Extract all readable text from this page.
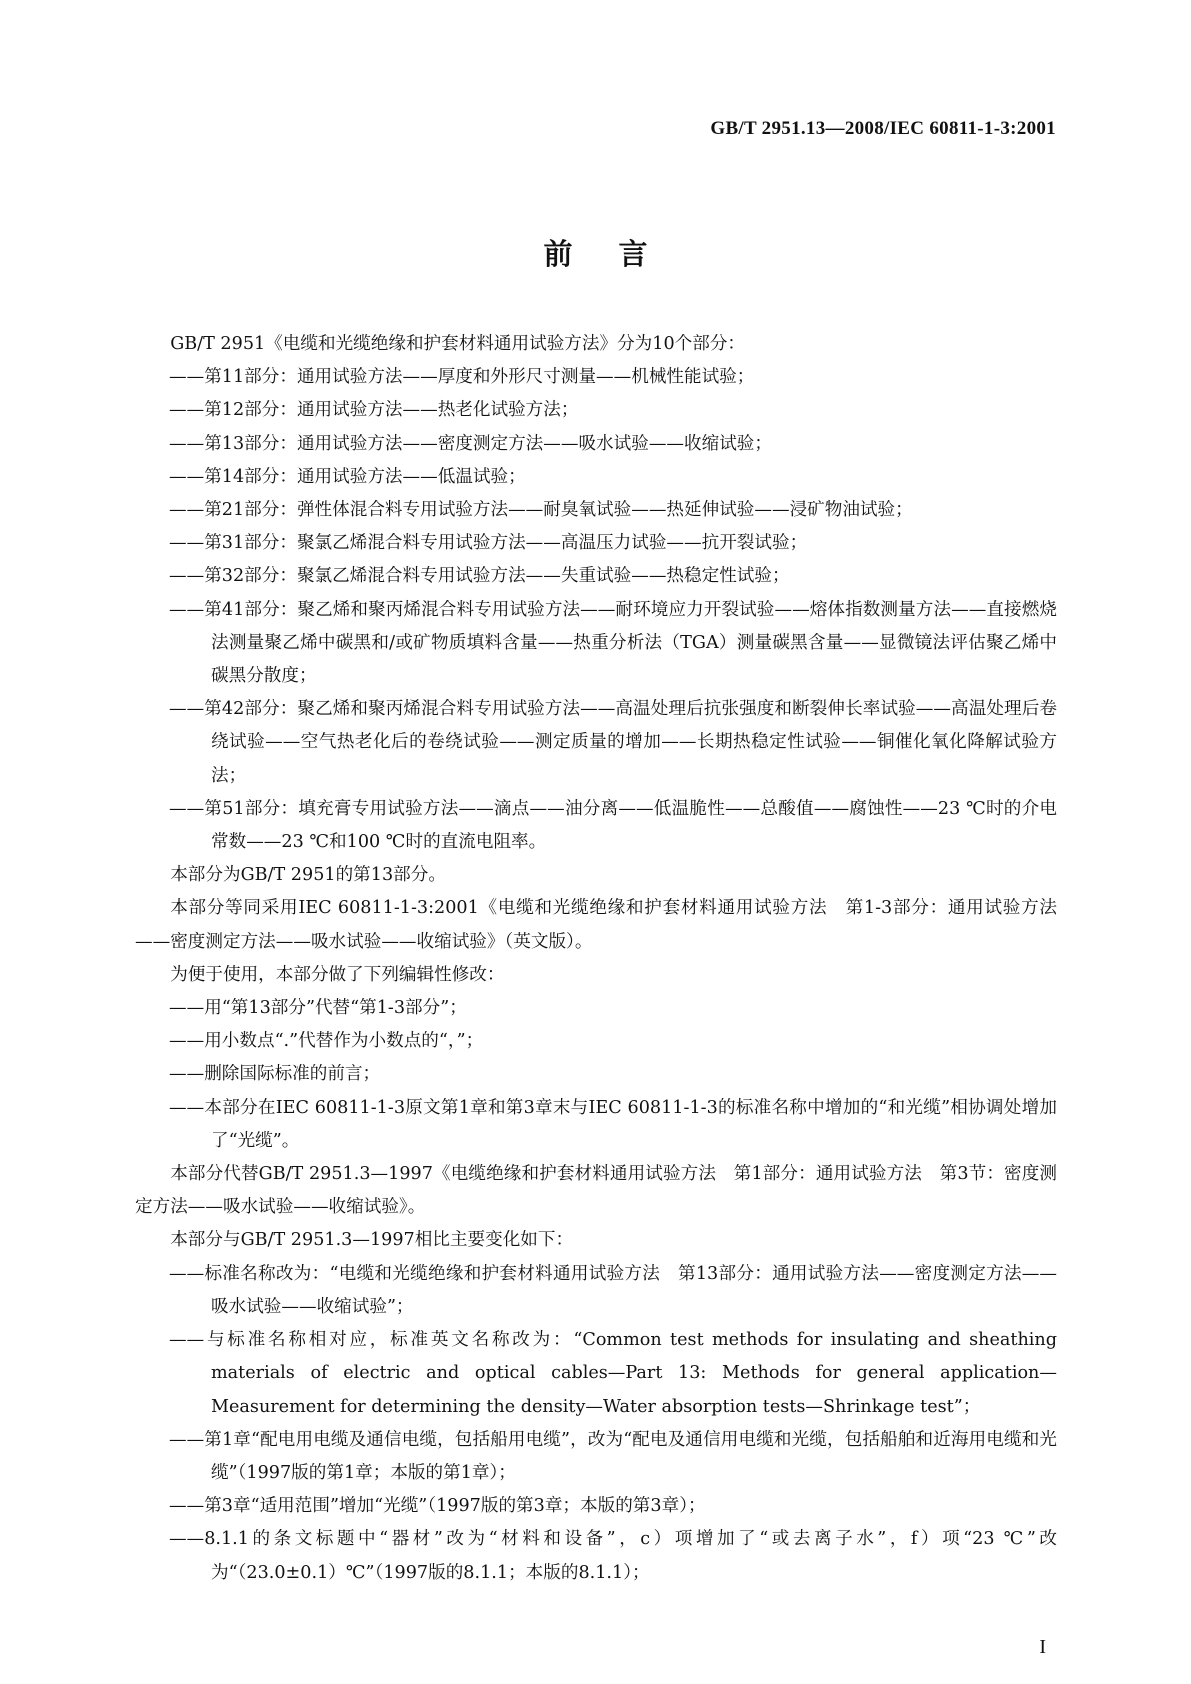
GB/T 2951.13—2008/IEC 60811-1-3:2001
前言

GB/T 2951《电缆和光缆绝缘和护套材料通用试验方法》分为10个部分：

——第11部分：通用试验方法——厚度和外形尺寸测量——机械性能试验；

——第12部分：通用试验方法——热老化试验方法；

——第13部分：通用试验方法——密度测定方法——吸水试验——收缩试验；

——第14部分：通用试验方法——低温试验；

——第21部分：弹性体混合料专用试验方法——耐臭氧试验——热延伸试验——浸矿物油试验；

——第31部分：聚氯乙烯混合料专用试验方法——高温压力试验——抗开裂试验；

——第32部分：聚氯乙烯混合料专用试验方法——失重试验——热稳定性试验；

——第41部分：聚乙烯和聚丙烯混合料专用试验方法——耐环境应力开裂试验——熔体指数测量方法——直接燃烧法测量聚乙烯中碳黑和/或矿物质填料含量——热重分析法（TGA）测量碳黑含量——显微镜法评估聚乙烯中碳黑分散度；

——第42部分：聚乙烯和聚丙烯混合料专用试验方法——高温处理后抗张强度和断裂伸长率试验——高温处理后卷绕试验——空气热老化后的卷绕试验——测定质量的增加——长期热稳定性试验——铜催化氧化降解试验方法；

——第51部分：填充膏专用试验方法——滴点——油分离——低温脆性——总酸值——腐蚀性——23 ℃时的介电常数——23 ℃和100 ℃时的直流电阻率。

本部分为GB/T 2951的第13部分。

本部分等同采用IEC 60811-1-3:2001《电缆和光缆绝缘和护套材料通用试验方法　第1-3部分：通用试验方法——密度测定方法——吸水试验——收缩试验》（英文版）。

为便于使用，本部分做了下列编辑性修改：

——用“第13部分”代替“第1-3部分”；

——用小数点“.”代替作为小数点的“，”；

——删除国际标准的前言；

——本部分在IEC 60811-1-3原文第1章和第3章末与IEC 60811-1-3的标准名称中增加的“和光缆”相协调处增加了“光缆”。

本部分代替GB/T 2951.3—1997《电缆绝缘和护套材料通用试验方法　第1部分：通用试验方法　第3节：密度测定方法——吸水试验——收缩试验》。

本部分与GB/T 2951.3—1997相比主要变化如下：

——标准名称改为：“电缆和光缆绝缘和护套材料通用试验方法　第13部分：通用试验方法——密度测定方法——吸水试验——收缩试验”；

——与标准名称相对应，标准英文名称改为：“Common test methods for insulating and sheathing materials of electric and optical cables—Part 13: Methods for general application—Measurement for determining the density—Water absorption tests—Shrinkage test”；

——第1章“配电用电缆及通信电缆，包括船用电缆”，改为“配电及通信用电缆和光缆，包括船舶和近海用电缆和光缆”（1997版的第1章；本版的第1章）；

——第3章“适用范围”增加“光缆”（1997版的第3章；本版的第3章）；

——8.1.1的条文标题中“器材”改为“材料和设备”，c）项增加了“或去离子水”，f）项“23 ℃”改为“（23.0±0.1）℃”（1997版的8.1.1；本版的8.1.1）；

I
